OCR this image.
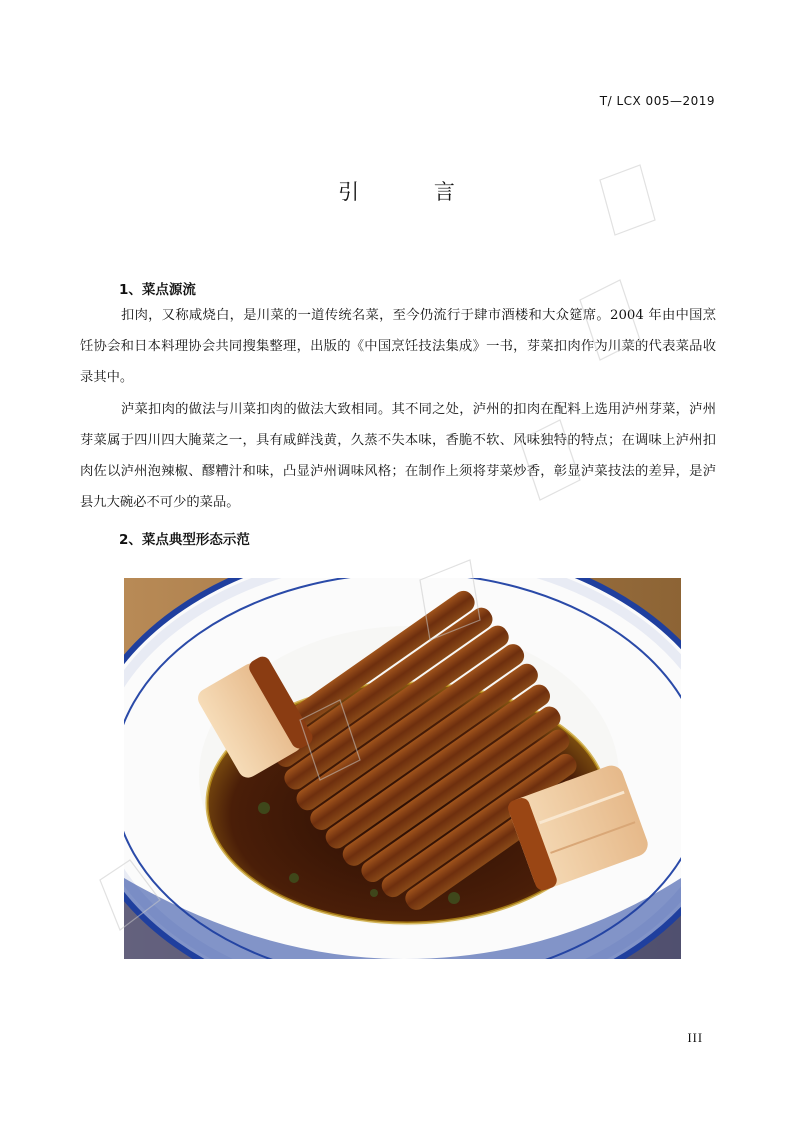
T/ LCX 005—2019
引 言
1、菜点源流

扣肉，又称咸烧白，是川菜的一道传统名菜，至今仍流行于肆市酒楼和大众筵席。2004 年由中国烹饪协会和日本料理协会共同搜集整理，出版的《中国烹饪技法集成》一书，芽菜扣肉作为川菜的代表菜品收录其中。

泸菜扣肉的做法与川菜扣肉的做法大致相同。其不同之处，泸州的扣肉在配料上选用泸州芽菜，泸州芽菜属于四川四大腌菜之一，具有咸鲜浅黄，久蒸不失本味，香脆不软、风味独特的特点；在调味上泸州扣肉佐以泸州泡辣椒、醪糟汁和味，凸显泸州调味风格；在制作上须将芽菜炒香，彰显泸菜技法的差异，是泸县九大碗必不可少的菜品。

2、菜点典型形态示范
III
